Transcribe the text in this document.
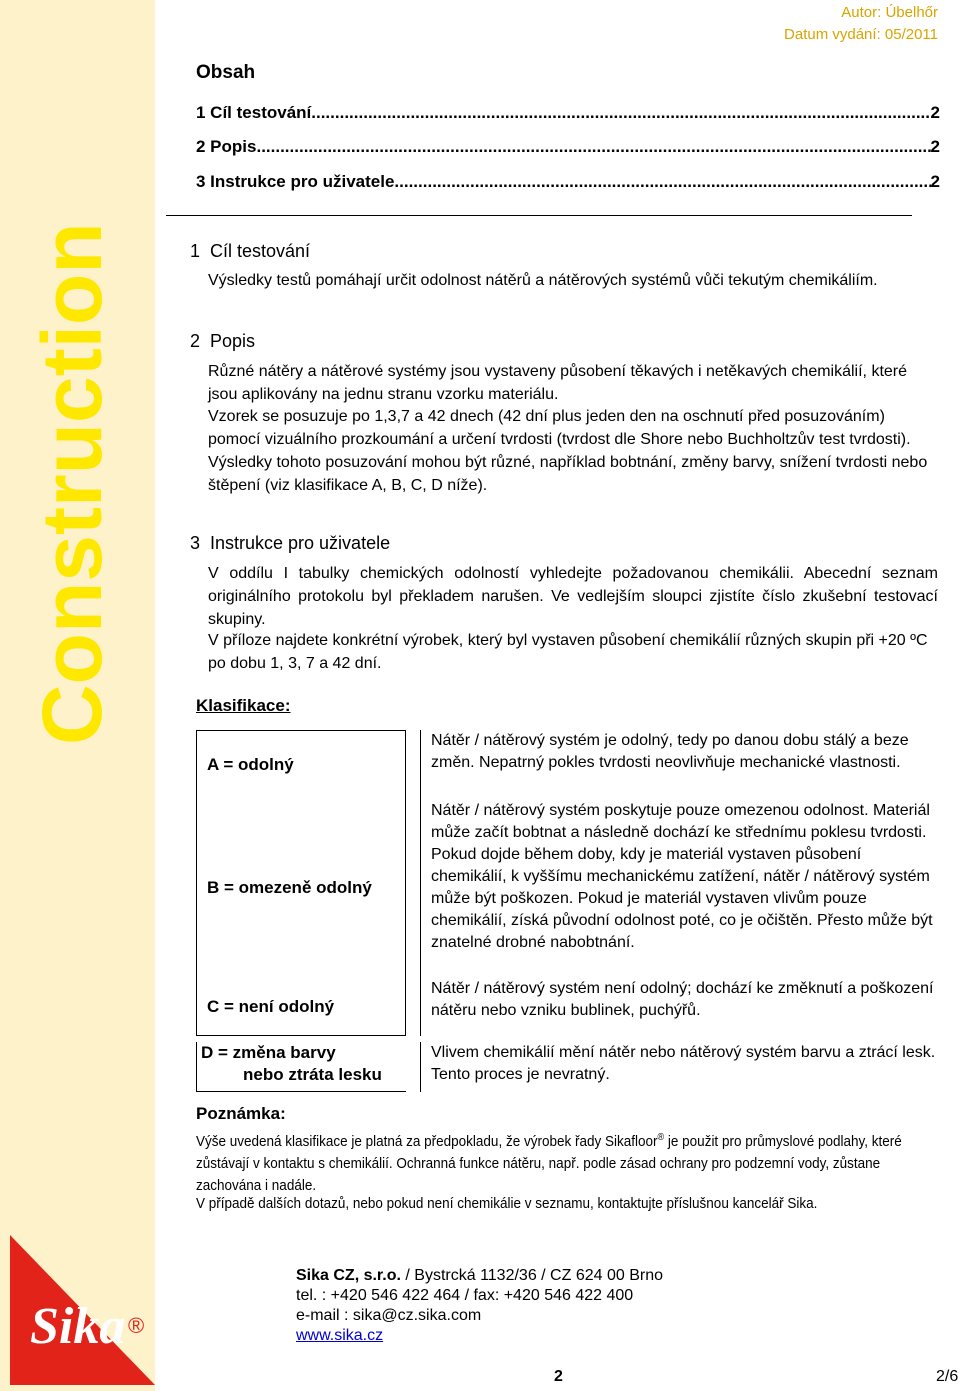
Construction
Sika ®
Autor: Úbelhőr
Datum vydání: 05/2011
Obsah
1 Cíl testování .....	2
2 Popis .....	2
3 Instrukce pro uživatele .....	2
1 Cíl testování
Výsledky testů pomáhají určit odolnost nátěrů a nátěrových systémů vůči tekutým chemikáliím.
2 Popis
Různé nátěry a nátěrové systémy jsou vystaveny působení těkavých i netěkavých chemikálií, které jsou aplikovány na jednu stranu vzorku materiálu.
Vzorek se posuzuje po 1,3,7 a 42 dnech (42 dní plus jeden den na oschnutí před posuzováním) pomocí vizuálního prozkoumání a určení tvrdosti (tvrdost dle Shore nebo Buchholtzův test tvrdosti). Výsledky tohoto posuzování mohou být různé, například bobtnání, změny barvy, snížení tvrdosti nebo štěpení (viz klasifikace A, B, C, D níže).
3 Instrukce pro uživatele
V oddílu I tabulky chemických odolností vyhledejte požadovanou chemikálii. Abecední seznam originálního protokolu byl překladem narušen. Ve vedlejším sloupci zjistíte číslo zkušební testovací skupiny.
V příloze najdete konkrétní výrobek, který byl vystaven působení chemikálií různých skupin při +20 ºC po dobu 1, 3, 7 a 42 dní.
Klasifikace:
A = odolný	Nátěr / nátěrový systém je odolný, tedy po danou dobu stálý a beze změn. Nepatrný pokles tvrdosti neovlivňuje mechanické vlastnosti.

B = omezeně odolný	Nátěr / nátěrový systém poskytuje pouze omezenou odolnost. Materiál může začít bobtnat a následně dochází ke střednímu poklesu tvrdosti. Pokud dojde během doby, kdy je materiál vystaven působení chemikálií, k vyššímu mechanickému zatížení, nátěr / nátěrový systém může být poškozen. Pokud je materiál vystaven vlivům pouze chemikálií, získá původní odolnost poté, co je očištěn. Přesto může být znatelné drobné nabobtnání.

C = není odolný	Nátěr / nátěrový systém není odolný; dochází ke změknutí a poškození nátěru nebo vzniku bublinek, puchýřů.

D = změna barvy
nebo ztráta lesku	Vlivem chemikálií mění nátěr nebo nátěrový systém barvu a ztrácí lesk. Tento proces je nevratný.
Poznámka:
Výše uvedená klasifikace je platná za předpokladu, že výrobek řady Sikafloor® je použit pro průmyslové podlahy, které zůstávají v kontaktu s chemikálií. Ochranná funkce nátěru, např. podle zásad ochrany pro podzemní vody, zůstane zachována i nadále.
V případě dalších dotazů, nebo pokud není chemikálie v seznamu, kontaktujte příslušnou kancelář Sika.
Sika CZ, s.r.o. / Bystrcká 1132/36 / CZ 624 00 Brno
tel. : +420 546 422 464 / fax: +420 546 422 400
e-mail : sika@cz.sika.com
www.sika.cz
2	2/6
